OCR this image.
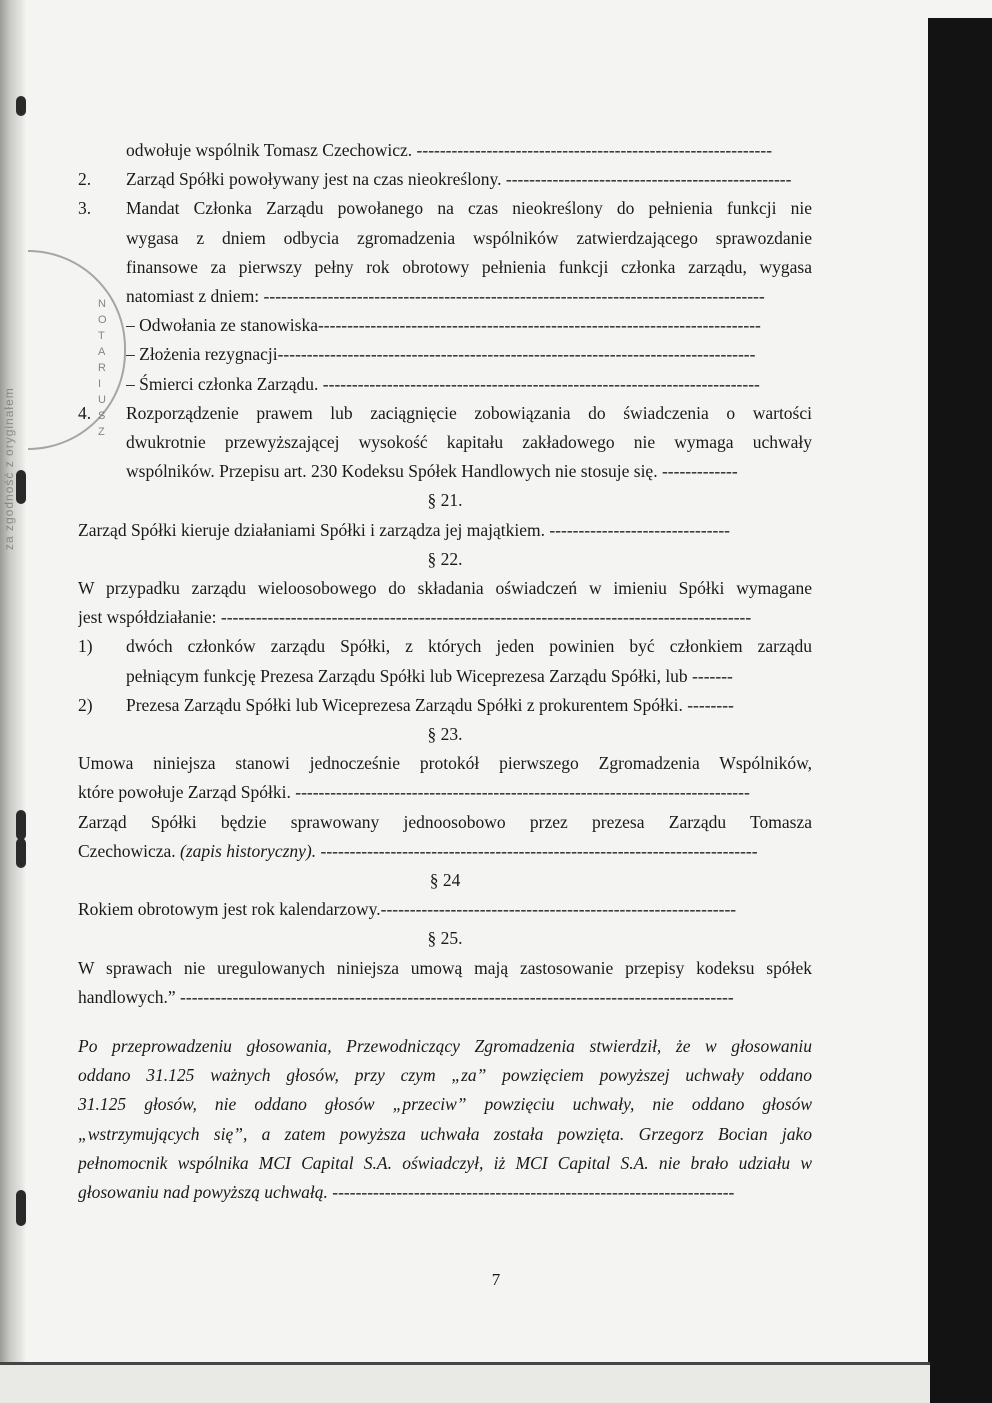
za zgodność z oryginałem
N
O
T
A
R
I
U
S
Z
odwołuje wspólnik Tomasz Czechowicz. -------------------------------------------------------------
2. Zarząd Spółki powoływany jest na czas nieokreślony. -------------------------------------------------
3. Mandat Członka Zarządu powołanego na czas nieokreślony do pełnienia funkcji nie
wygasa z dniem odbycia zgromadzenia wspólników zatwierdzającego sprawozdanie
finansowe za pierwszy pełny rok obrotowy pełnienia funkcji członka zarządu, wygasa
natomiast z dniem: --------------------------------------------------------------------------------------
– Odwołania ze stanowiska----------------------------------------------------------------------------
– Złożenia rezygnacji----------------------------------------------------------------------------------
– Śmierci członka Zarządu. ---------------------------------------------------------------------------
4. Rozporządzenie prawem lub zaciągnięcie zobowiązania do świadczenia o wartości
dwukrotnie przewyższającej wysokość kapitału zakładowego nie wymaga uchwały
wspólników. Przepisu art. 230 Kodeksu Spółek Handlowych nie stosuje się. -------------
§ 21.
Zarząd Spółki kieruje działaniami Spółki i zarządza jej majątkiem. -------------------------------
§ 22.
W przypadku zarządu wieloosobowego do składania oświadczeń w imieniu Spółki wymagane
jest współdziałanie: -------------------------------------------------------------------------------------------
1) dwóch członków zarządu Spółki, z których jeden powinien być członkiem zarządu
pełniącym funkcję Prezesa Zarządu Spółki lub Wiceprezesa Zarządu Spółki, lub -------
2) Prezesa Zarządu Spółki lub Wiceprezesa Zarządu Spółki z prokurentem Spółki. --------
§ 23.
Umowa niniejsza stanowi jednocześnie protokół pierwszego Zgromadzenia Wspólników,
które powołuje Zarząd Spółki. ------------------------------------------------------------------------------
Zarząd Spółki będzie sprawowany jednoosobowo przez prezesa Zarządu Tomasza
Czechowicza. (zapis historyczny). ---------------------------------------------------------------------------
§ 24
Rokiem obrotowym jest rok kalendarzowy.-------------------------------------------------------------
§ 25.
W sprawach nie uregulowanych niniejsza umową mają zastosowanie przepisy kodeksu spółek
handlowych.” -----------------------------------------------------------------------------------------------
Po przeprowadzeniu głosowania, Przewodniczący Zgromadzenia stwierdził, że w głosowaniu
oddano 31.125 ważnych głosów, przy czym „za” powzięciem powyższej uchwały oddano
31.125 głosów, nie oddano głosów „przeciw” powzięciu uchwały, nie oddano głosów
„wstrzymujących się”, a zatem powyższa uchwała została powzięta. Grzegorz Bocian jako
pełnomocnik wspólnika MCI Capital S.A. oświadczył, iż MCI Capital S.A. nie brało udziału w
głosowaniu nad powyższą uchwałą. ---------------------------------------------------------------------
7
